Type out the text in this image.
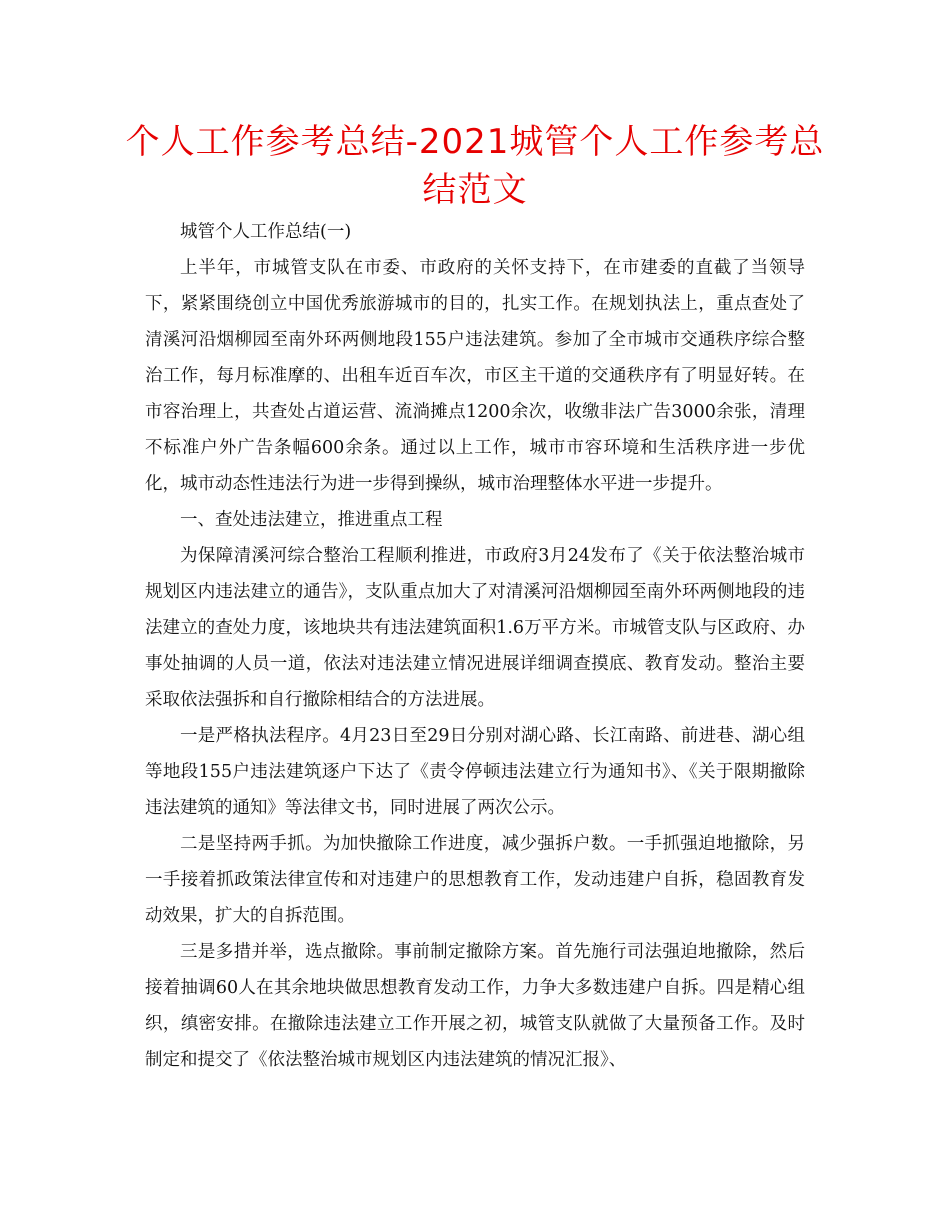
个人工作参考总结-2021城管个人工作参考总结范文

城管个人工作总结(一)

上半年，市城管支队在市委、市政府的关怀支持下，在市建委的直截了当领导下，紧紧围绕创立中国优秀旅游城市的目的，扎实工作。在规划执法上，重点查处了清溪河沿烟柳园至南外环两侧地段155户违法建筑。参加了全市城市交通秩序综合整治工作，每月标准摩的、出租车近百车次，市区主干道的交通秩序有了明显好转。在市容治理上，共查处占道运营、流淌摊点1200余次，收缴非法广告3000余张，清理不标准户外广告条幅600余条。通过以上工作，城市市容环境和生活秩序进一步优化，城市动态性违法行为进一步得到操纵，城市治理整体水平进一步提升。

一、查处违法建立，推进重点工程

为保障清溪河综合整治工程顺利推进，市政府3月24发布了《关于依法整治城市规划区内违法建立的通告》，支队重点加大了对清溪河沿烟柳园至南外环两侧地段的违法建立的查处力度，该地块共有违法建筑面积1.6万平方米。市城管支队与区政府、办事处抽调的人员一道，依法对违法建立情况进展详细调查摸底、教育发动。整治主要采取依法强拆和自行撤除相结合的方法进展。

一是严格执法程序。4月23日至29日分别对湖心路、长江南路、前进巷、湖心组等地段155户违法建筑逐户下达了《责令停顿违法建立行为通知书》、《关于限期撤除违法建筑的通知》等法律文书，同时进展了两次公示。

二是坚持两手抓。为加快撤除工作进度，减少强拆户数。一手抓强迫地撤除，另一手接着抓政策法律宣传和对违建户的思想教育工作，发动违建户自拆，稳固教育发动效果，扩大的自拆范围。

三是多措并举，选点撤除。事前制定撤除方案。首先施行司法强迫地撤除，然后接着抽调60人在其余地块做思想教育发动工作，力争大多数违建户自拆。四是精心组织，缜密安排。在撤除违法建立工作开展之初，城管支队就做了大量预备工作。及时制定和提交了《依法整治城市规划区内违法建筑的情况汇报》、
